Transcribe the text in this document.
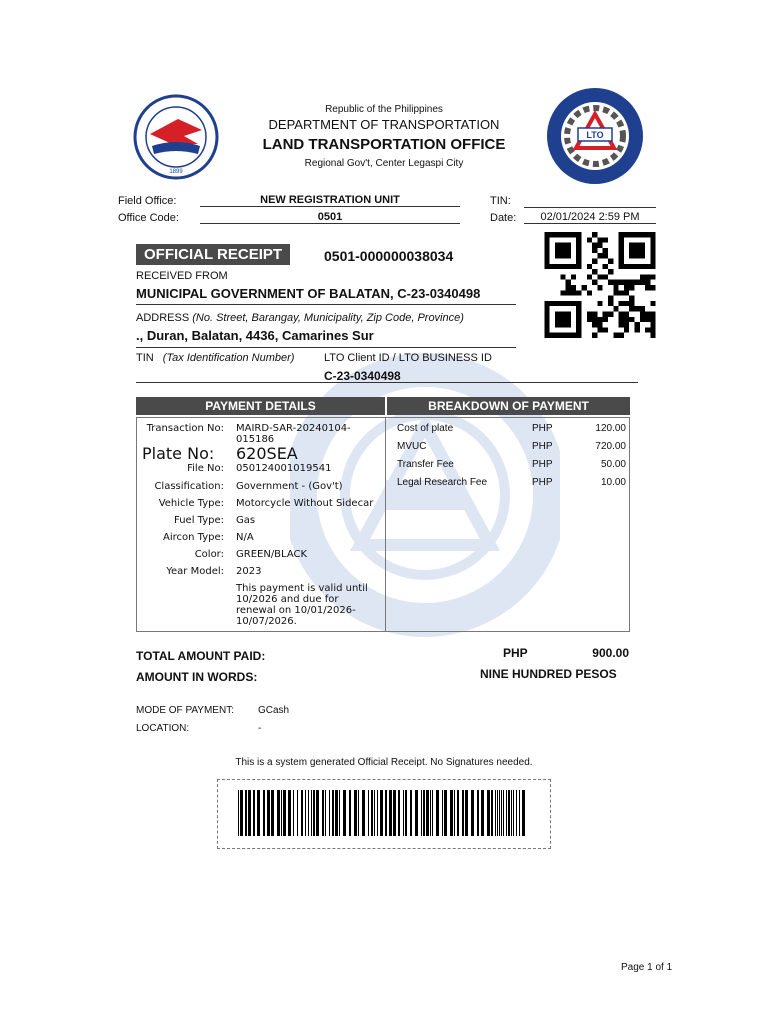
1899
LTO
Republic of the Philippines
DEPARTMENT OF TRANSPORTATION
LAND TRANSPORTATION OFFICE
Regional Gov't, Center Legaspi City
Field Office:	NEW REGISTRATION UNIT
Office Code:	0501
TIN:
Date:	02/01/2024 2:59 PM
OFFICIAL RECEIPT	0501-000000038034
RECEIVED FROM
MUNICIPAL GOVERNMENT OF BALATAN, C-23-0340498
ADDRESS (No. Street, Barangay, Municipality, Zip Code, Province)
., Duran, Balatan, 4436, Camarines Sur
TIN (Tax Identification Number)	LTO Client ID / LTO BUSINESS ID
C-23-0340498
PAYMENT DETAILS	BREAKDOWN OF PAYMENT
Transaction No: MAIRD-SAR-20240104-015186
Plate No: 620SEA
File No: 050124001019541
Classification: Government - (Gov't)
Vehicle Type: Motorcycle Without Sidecar
Fuel Type: Gas
Aircon Type: N/A
Color: GREEN/BLACK
Year Model: 2023
This payment is valid until 10/2026 and due for renewal on 10/01/2026-10/07/2026.
Cost of plate	PHP	120.00
MVUC	PHP	720.00
Transfer Fee	PHP	50.00
Legal Research Fee	PHP	10.00
TOTAL AMOUNT PAID:	PHP	900.00
AMOUNT IN WORDS:	NINE HUNDRED PESOS
MODE OF PAYMENT: GCash
LOCATION:	-
This is a system generated Official Receipt. No Signatures needed.
Page 1 of 1
